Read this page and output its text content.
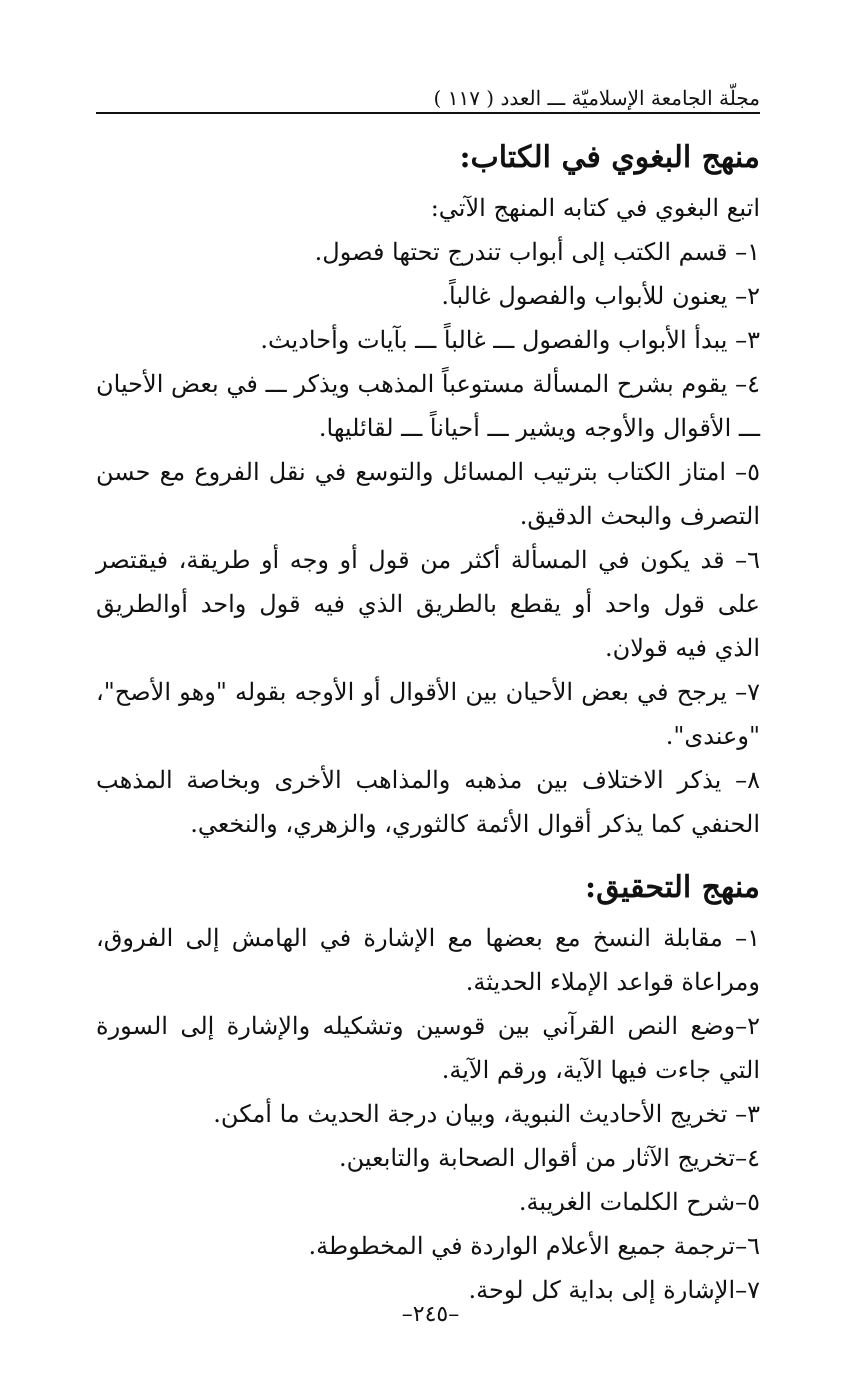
مجلّة الجامعة الإسلاميّة ـــ العدد ( ١١٧ )
منهج البغوي في الكتاب:

اتبع البغوي في كتابه المنهج الآتي:

١– قسم الكتب إلى أبواب تندرج تحتها فصول.
٢– يعنون للأبواب والفصول غالباً.
٣– يبدأ الأبواب والفصول ـــ غالباً ـــ بآيات وأحاديث.
٤– يقوم بشرح المسألة مستوعباً المذهب ويذكر ـــ في بعض الأحيان ـــ الأقوال والأوجه ويشير ـــ أحياناً ـــ لقائليها.
٥– امتاز الكتاب بترتيب المسائل والتوسع في نقل الفروع مع حسن التصرف والبحث الدقيق.
٦– قد يكون في المسألة أكثر من قول أو وجه أو طريقة، فيقتصر على قول واحد أو يقطع بالطريق الذي فيه قول واحد أوالطريق الذي فيه قولان.
٧– يرجح في بعض الأحيان بين الأقوال أو الأوجه بقوله "وهو الأصح"، "وعندى".
٨– يذكر الاختلاف بين مذهبه والمذاهب الأخرى وبخاصة المذهب الحنفي كما يذكر أقوال الأئمة كالثوري، والزهري، والنخعي.
منهج التحقيق:
١– مقابلة النسخ مع بعضها مع الإشارة في الهامش إلى الفروق، ومراعاة قواعد الإملاء الحديثة.
٢–وضع النص القرآني بين قوسين وتشكيله والإشارة إلى السورة التي جاءت فيها الآية، ورقم الآية.
٣– تخريج الأحاديث النبوية، وبيان درجة الحديث ما أمكن.
٤–تخريج الآثار من أقوال الصحابة والتابعين.
٥–شرح الكلمات الغريبة.
٦–ترجمة جميع الأعلام الواردة في المخطوطة.
٧–الإشارة إلى بداية كل لوحة.
–٢٤٥–
